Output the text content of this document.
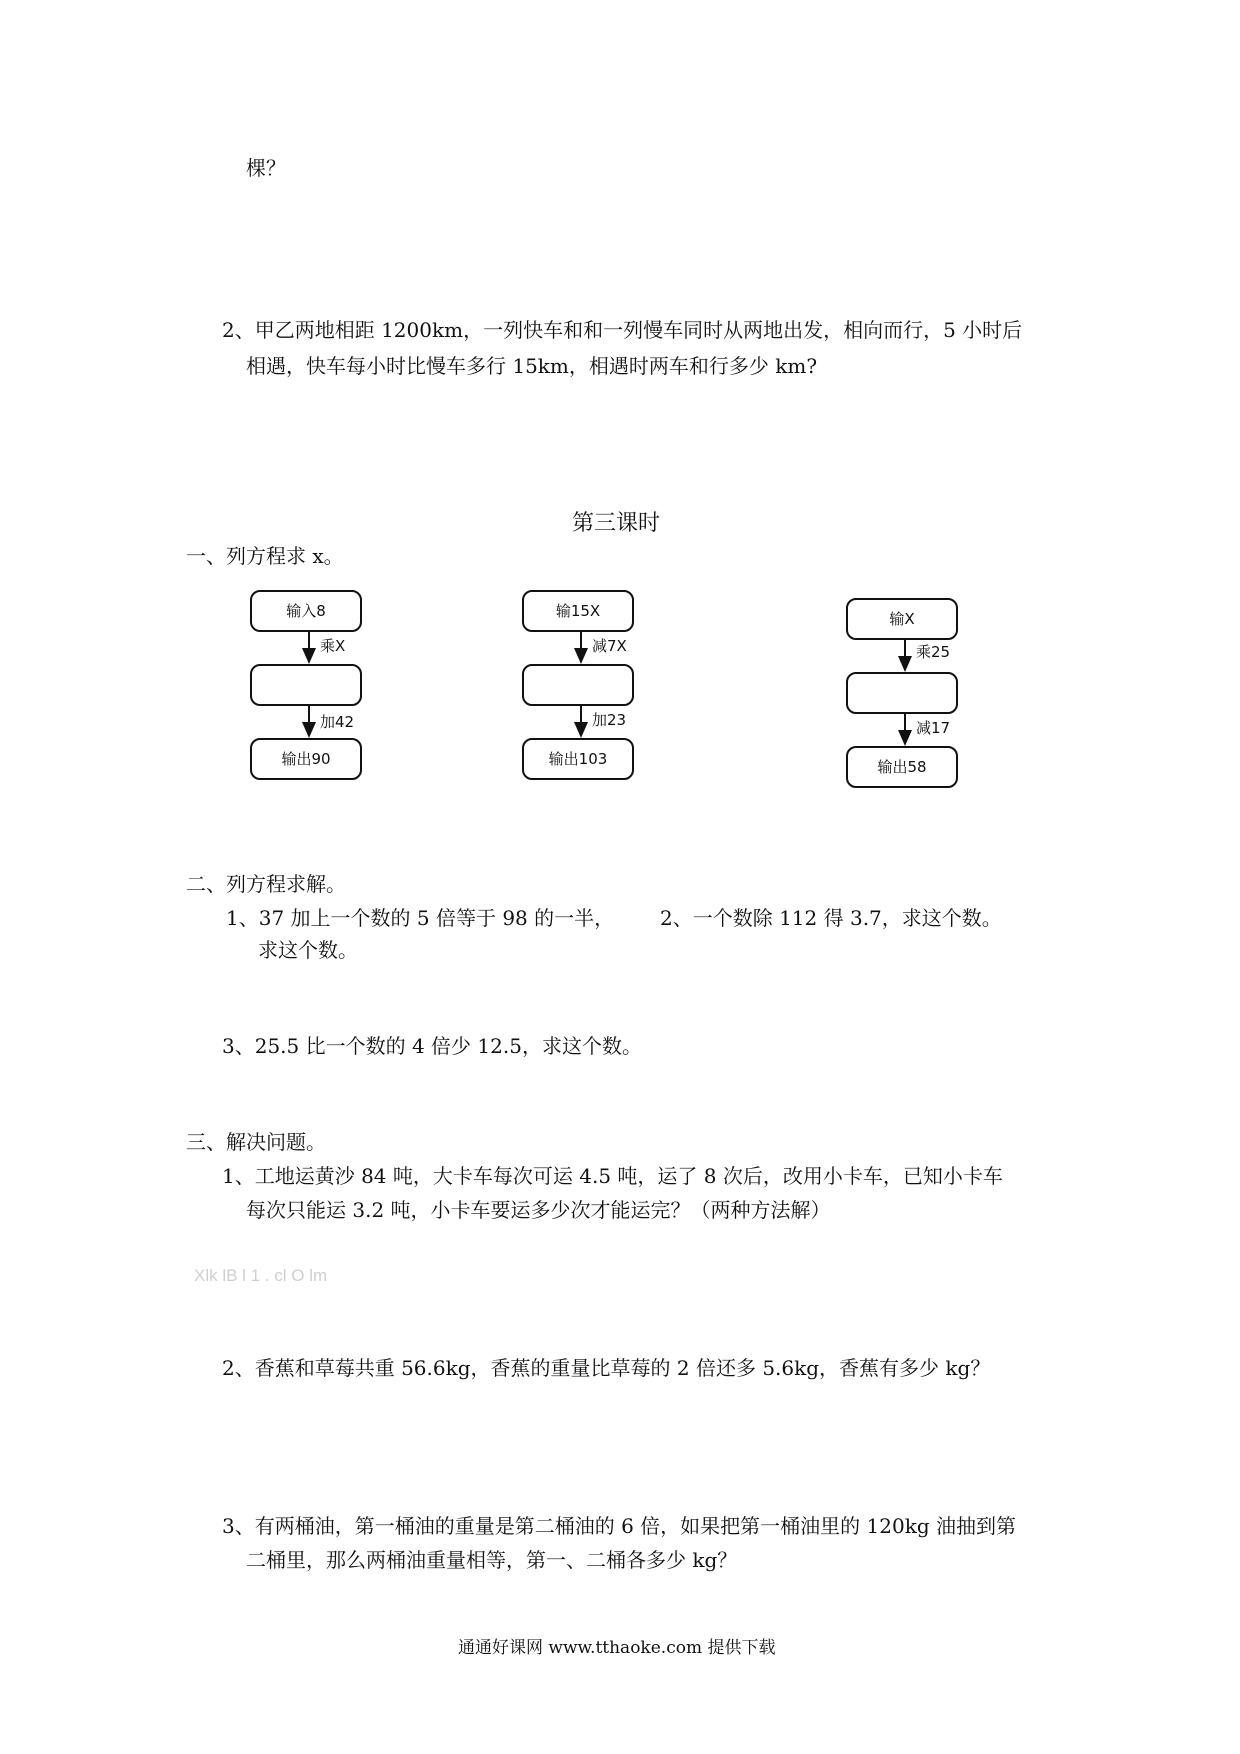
棵？
2、甲乙两地相距 1200km，一列快车和和一列慢车同时从两地出发，相向而行，5 小时后
相遇，快车每小时比慢车多行 15km，相遇时两车和行多少 km?
第三课时
一、列方程求 x。
输入8
乘X
加42
输出90
输15X
减7X
加23
输出103
输X
乘25
减17
输出58
二、列方程求解。
1、37 加上一个数的 5 倍等于 98 的一半，
求这个数。
2、一个数除 112 得 3.7，求这个数。
3、25.5 比一个数的 4 倍少 12.5，求这个数。
三、解决问题。
1、工地运黄沙 84 吨，大卡车每次可运 4.5 吨，运了 8 次后，改用小卡车，已知小卡车
每次只能运 3.2 吨，小卡车要运多少次才能运完？（两种方法解）
Xlk lB l 1 . cl O lm
2、香蕉和草莓共重 56.6kg，香蕉的重量比草莓的 2 倍还多 5.6kg，香蕉有多少 kg？
3、有两桶油，第一桶油的重量是第二桶油的 6 倍，如果把第一桶油里的 120kg 油抽到第
二桶里，那么两桶油重量相等，第一、二桶各多少 kg？
通通好课网 www.tthaoke.com 提供下载
